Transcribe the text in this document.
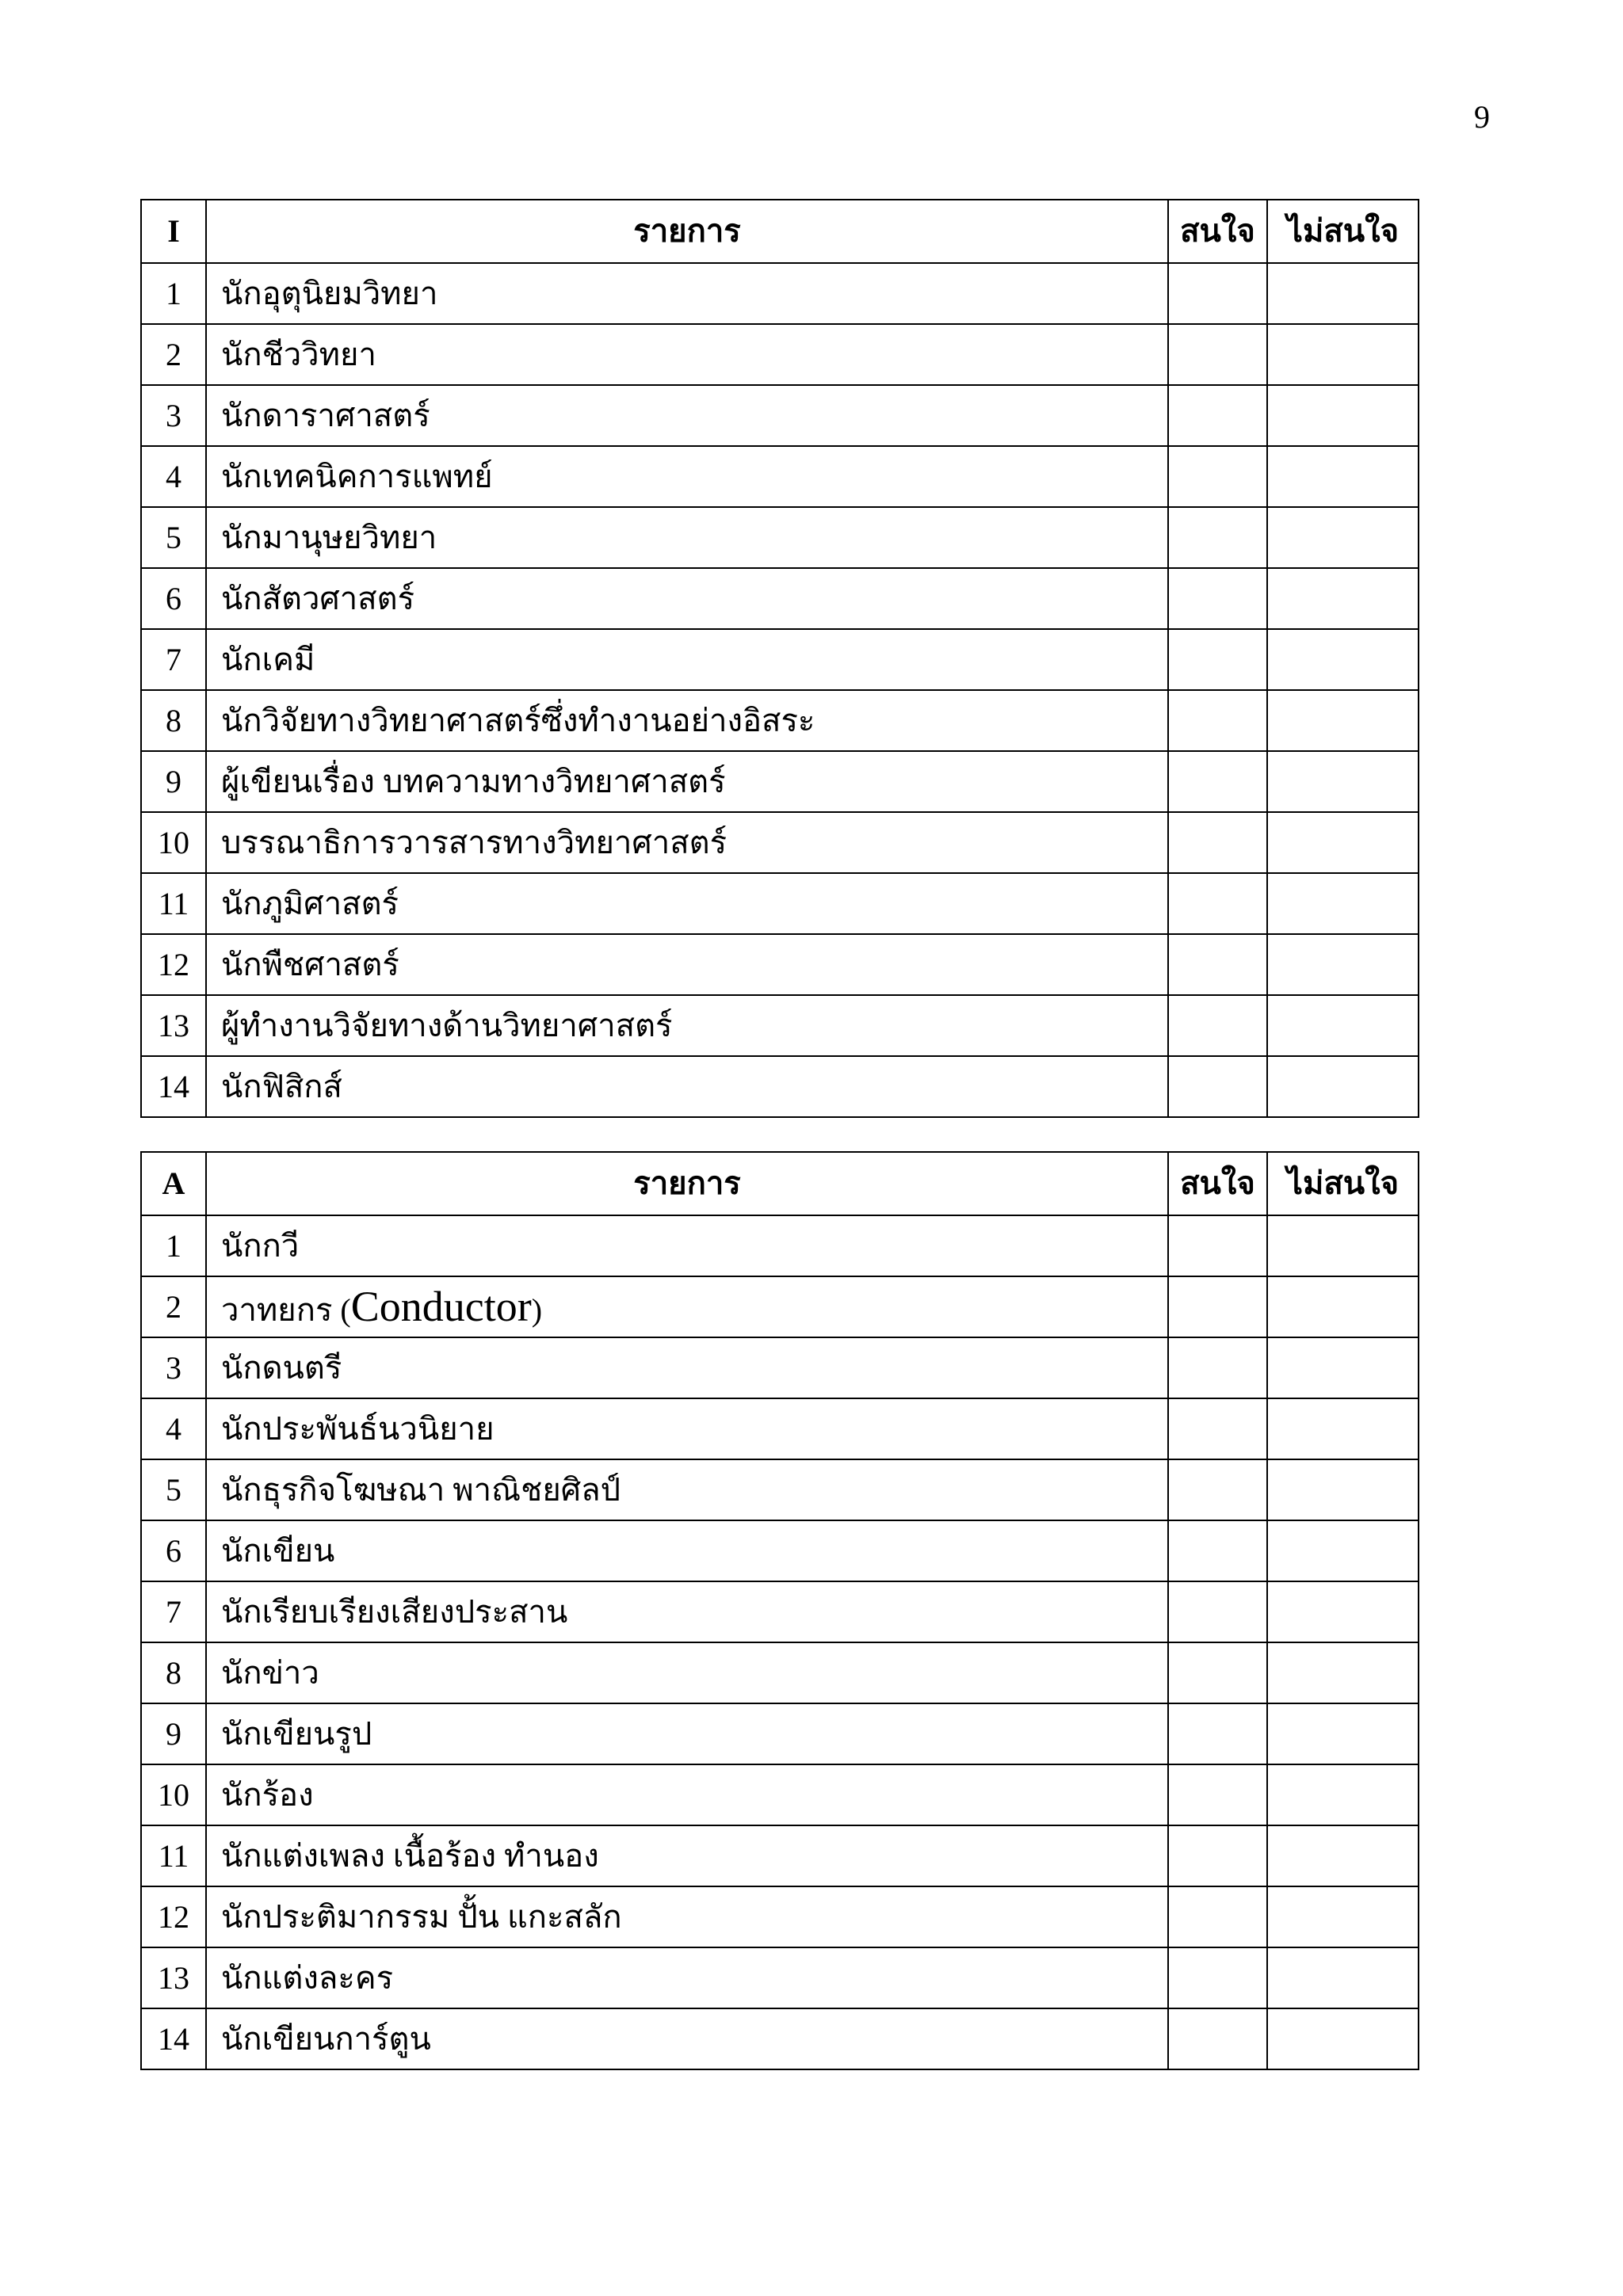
9
I	รายการ	สนใจ	ไม่สนใจ
1	นักอุตุนิยมวิทยา		
2	นักชีววิทยา		
3	นักดาราศาสตร์		
4	นักเทคนิคการแพทย์		
5	นักมานุษยวิทยา		
6	นักสัตวศาสตร์		
7	นักเคมี		
8	นักวิจัยทางวิทยาศาสตร์ซึ่งทำงานอย่างอิสระ		
9	ผู้เขียนเรื่อง บทความทางวิทยาศาสตร์		
10	บรรณาธิการวารสารทางวิทยาศาสตร์		
11	นักภูมิศาสตร์		
12	นักพืชศาสตร์		
13	ผู้ทำงานวิจัยทางด้านวิทยาศาสตร์		
14	นักฟิสิกส์		
A	รายการ	สนใจ	ไม่สนใจ
1	นักกวี		
2	วาทยกร (Conductor)		
3	นักดนตรี		
4	นักประพันธ์นวนิยาย		
5	นักธุรกิจโฆษณา พาณิชยศิลป์		
6	นักเขียน		
7	นักเรียบเรียงเสียงประสาน		
8	นักข่าว		
9	นักเขียนรูป		
10	นักร้อง		
11	นักแต่งเพลง เนื้อร้อง ทำนอง		
12	นักประติมากรรม ปั้น แกะสลัก		
13	นักแต่งละคร		
14	นักเขียนการ์ตูน		
